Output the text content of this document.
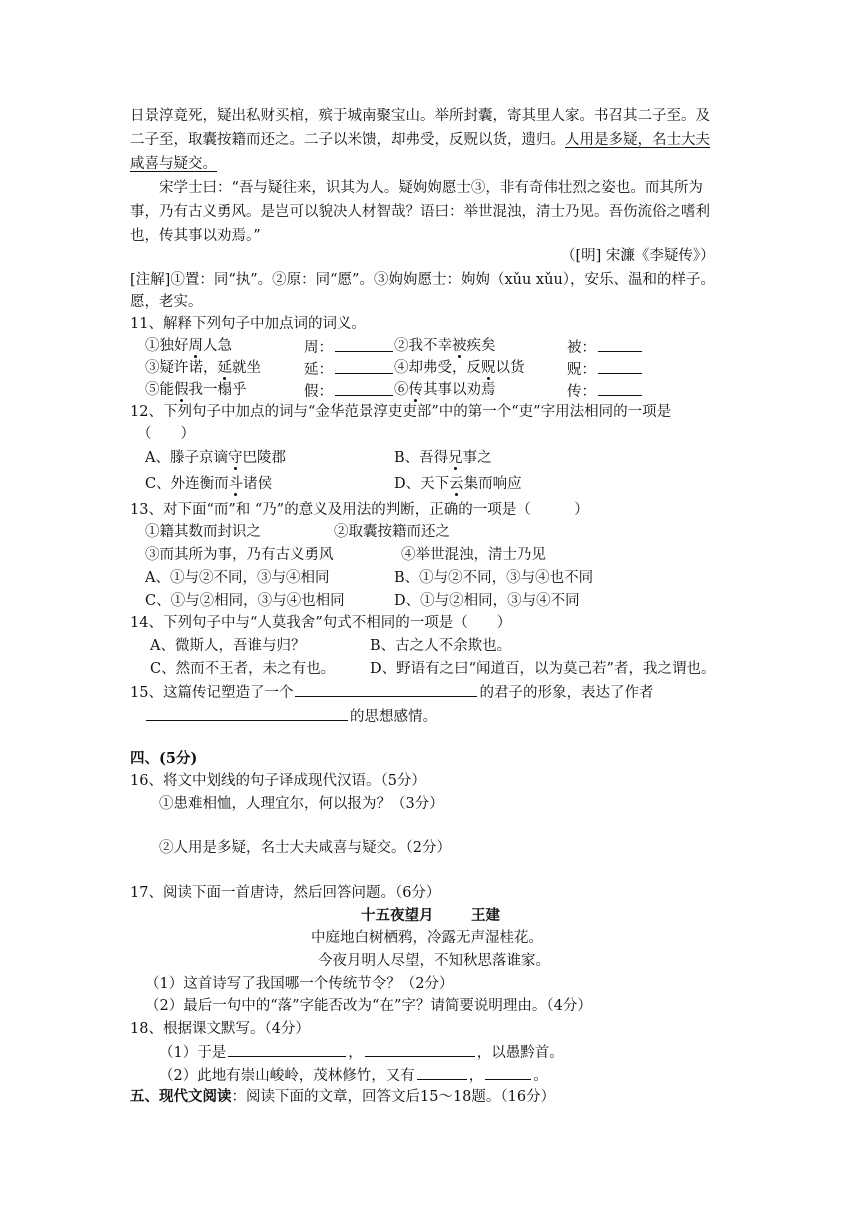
日景淳竟死，疑出私财买棺，殡于城南聚宝山。举所封囊，寄其里人家。书召其二子至。及
二子至，取囊按籍而还之。二子以米馈，却弗受，反贶以货，遗归。人用是多疑，名士大夫
咸喜与疑交。
宋学士曰：“吾与疑往来，识其为人。疑姁姁愿士③，非有奇伟壮烈之姿也。而其所为
事，乃有古义勇风。是岂可以貌决人材智哉？语曰：举世混浊，清士乃见。吾伤流俗之嗜利
也，传其事以劝焉。”
（[明] 宋濂《李疑传》）
[注解]①置：同“执”。②原：同“愿”。③姁姁愿士：姁姁（xǔu xǔu），安乐、温和的样子。
愿，老实。
11、解释下列句子中加点词的词义。
①独好周人急	周：	②我不幸被疾矣	被：
③疑许诺，延就坐	延：	④却弗受，反贶以货	贶：
⑤能假我一榻乎	假：	⑥传其事以劝焉	传：
12、下列句子中加点的词与“金华范景淳吏吏部”中的第一个“吏”字用法相同的一项是
（　　）
A、滕子京谪守巴陵郡	B、吾得兄事之
C、外连衡而斗诸侯	D、天下云集而响应
13、对下面“而”和 “乃”的意义及用法的判断，正确的一项是（　　　）
①籍其数而封识之	②取囊按籍而还之
③而其所为事，乃有古义勇风	④举世混浊，清士乃见
A、①与②不同，③与④相同	B、①与②不同，③与④也不同
C、①与②相同，③与④也相同	D、①与②相同，③与④不同
14、下列句子中与“人莫我舍”句式不相同的一项是（　　）
A、微斯人，吾谁与归？	B、古之人不余欺也。
C、然而不王者，未之有也。 D、野语有之曰“闻道百，以为莫己若”者，我之谓也。
15、这篇传记塑造了一个	的君子的形象，表达了作者
的思想感情。
四、(5分)
16、将文中划线的句子译成现代汉语。（5分）
①患难相恤，人理宜尔，何以报为？（3分）
②人用是多疑，名士大夫咸喜与疑交。（2分）
17、阅读下面一首唐诗，然后回答问题。（6分）
十五夜望月	王建
中庭地白树栖鸦，冷露无声湿桂花。
今夜月明人尽望，不知秋思落谁家。
（1）这首诗写了我国哪一个传统节令？（2分）
（2）最后一句中的“落”字能否改为“在”字？请简要说明理由。（4分）
18、根据课文默写。（4分）
（1）于是	，	，以愚黔首。
（2）此地有崇山峻岭，茂林修竹，又有	，	。
五、现代文阅读：阅读下面的文章，回答文后15～18题。（16分）
